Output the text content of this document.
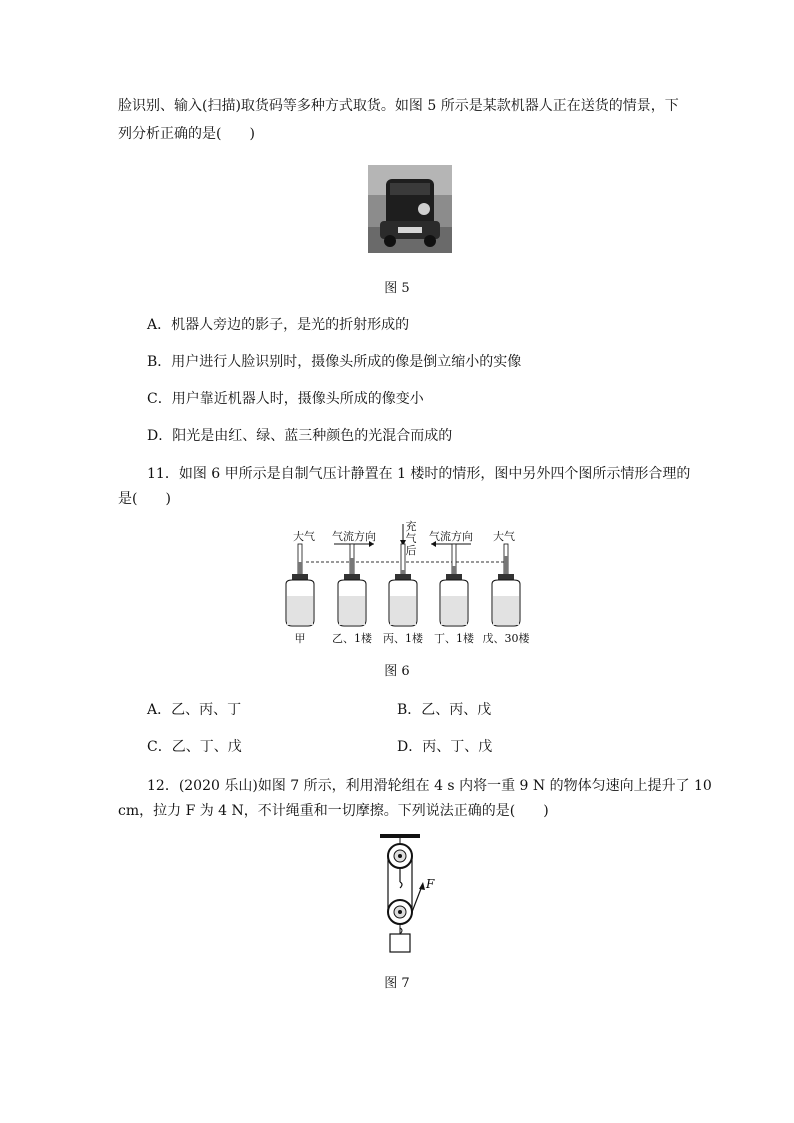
脸识别、输入(扫描)取货码等多种方式取货。如图 5 所示是某款机器人正在送货的情景，下
列分析正确的是(　　)
图 5
A．机器人旁边的影子，是光的折射形成的
B．用户进行人脸识别时，摄像头所成的像是倒立缩小的实像
C．用户靠近机器人时，摄像头所成的像变小
D．阳光是由红、绿、蓝三种颜色的光混合而成的
11．如图 6 甲所示是自制气压计静置在 1 楼时的情形，图中另外四个图所示情形合理的
是(　　)
大气 气流方向	气流方向 大气
充
气
后
甲 乙、1楼 丙、1楼 丁、1楼 戊、30楼
图 6
A．乙、丙、丁	B．乙、丙、戊
C．乙、丁、戊	D．丙、丁、戊
12．(2020 乐山)如图 7 所示，利用滑轮组在 4 s 内将一重 9 N 的物体匀速向上提升了 10
cm，拉力 F 为 4 N，不计绳重和一切摩擦。下列说法正确的是(　　)
F
图 7
